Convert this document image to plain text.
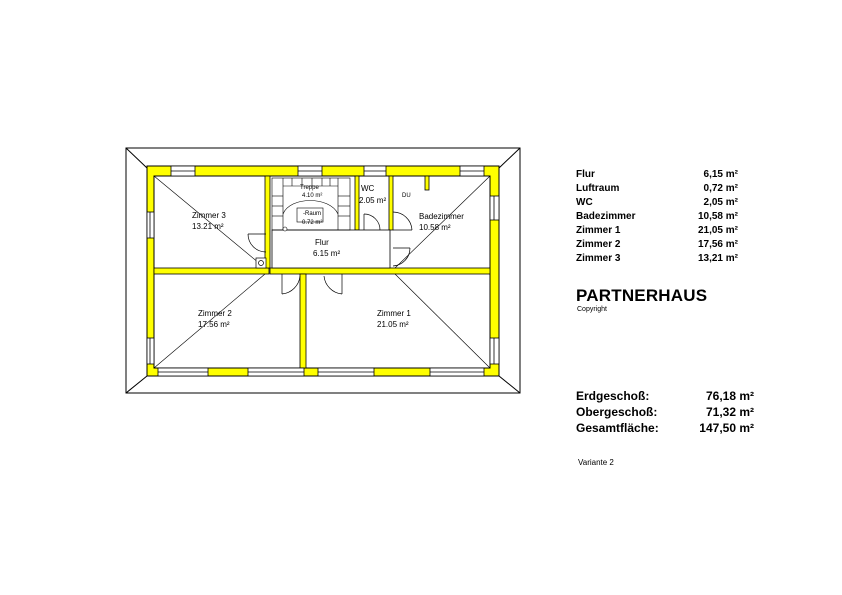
Zimmer 3
13.21 m²
Zimmer 2
17.56 m²
Zimmer 1
21.05 m²
Flur
6.15 m²
Badezimmer
10.58 m²
WC
2.05 m²	DU
Treppe
4.10 m²
-Raum
0.72 m²
Flur	6,15 m²
Luftraum	0,72 m²
WC	2,05 m²
Badezimmer	10,58 m²
Zimmer 1	21,05 m²
Zimmer 2	17,56 m²
Zimmer 3	13,21 m²
PARTNERHAUS
Copyright
Erdgeschoß:	76,18 m²
Obergeschoß:	71,32 m²
Gesamtfläche:	147,50 m²
Variante 2
